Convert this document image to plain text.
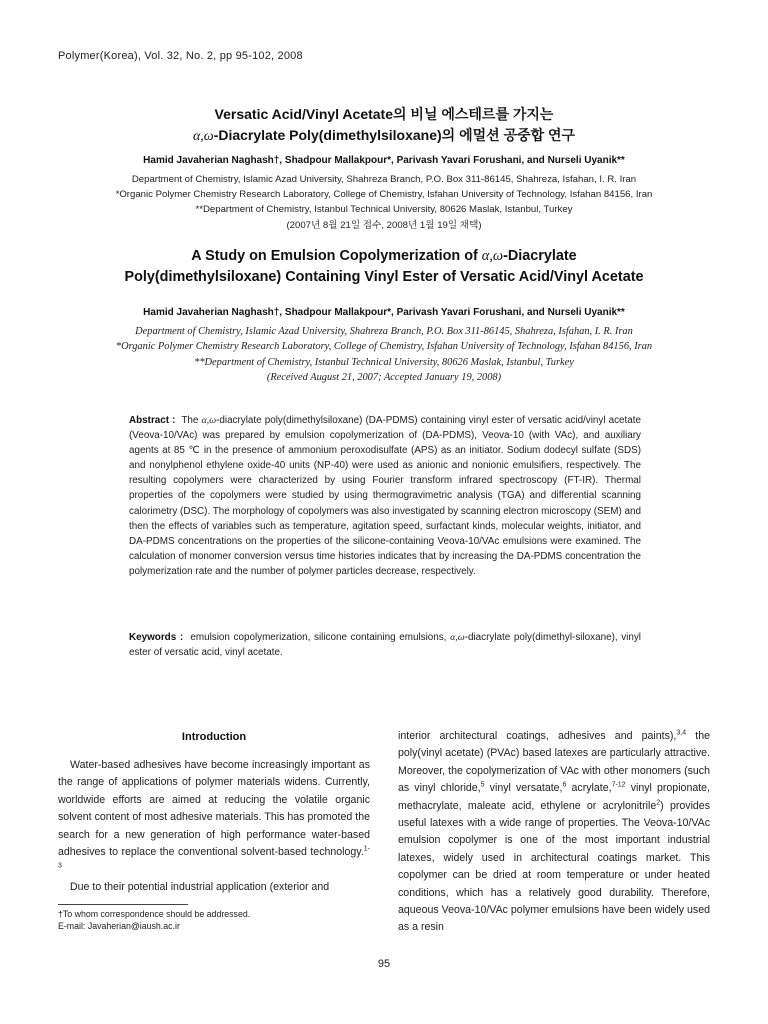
Polymer(Korea), Vol. 32, No. 2, pp 95-102, 2008
Versatic Acid/Vinyl Acetate의 비닐 에스테르를 가지는
α,ω-Diacrylate Poly(dimethylsiloxane)의 에멀션 공중합 연구
Hamid Javaherian Naghash†, Shadpour Mallakpour*, Parivash Yavari Forushani, and Nurseli Uyanik**
Department of Chemistry, Islamic Azad University, Shahreza Branch, P.O. Box 311-86145, Shahreza, Isfahan, I. R. Iran
*Organic Polymer Chemistry Research Laboratory, College of Chemistry, Isfahan University of Technology, Isfahan 84156, Iran
**Department of Chemistry, Istanbul Technical University, 80626 Maslak, Istanbul, Turkey
(2007년 8월 21일 접수, 2008년 1월 19일 채택)
A Study on Emulsion Copolymerization of α,ω-Diacrylate
Poly(dimethylsiloxane) Containing Vinyl Ester of Versatic Acid/Vinyl Acetate
Hamid Javaherian Naghash†, Shadpour Mallakpour*, Parivash Yavari Forushani, and Nurseli Uyanik**
Department of Chemistry, Islamic Azad University, Shahreza Branch, P.O. Box 311-86145, Shahreza, Isfahan, I. R. Iran
*Organic Polymer Chemistry Research Laboratory, College of Chemistry, Isfahan University of Technology, Isfahan 84156, Iran
**Department of Chemistry, Istanbul Technical University, 80626 Maslak, Istanbul, Turkey
(Received August 21, 2007; Accepted January 19, 2008)
Abstract : The α,ω-diacrylate poly(dimethylsiloxane) (DA-PDMS) containing vinyl ester of versatic acid/vinyl acetate (Veova-10/VAc) was prepared by emulsion copolymerization of (DA-PDMS), Veova-10 (with VAc), and auxiliary agents at 85 ℃ in the presence of ammonium peroxodisulfate (APS) as an initiator. Sodium dodecyl sulfate (SDS) and nonylphenol ethylene oxide-40 units (NP-40) were used as anionic and nonionic emulsifiers, respectively. The resulting copolymers were characterized by using Fourier transform infrared spectroscopy (FT-IR). Thermal properties of the copolymers were studied by using thermogravimetric analysis (TGA) and differential scanning calorimetry (DSC). The morphology of copolymers was also investigated by scanning electron microscopy (SEM) and then the effects of variables such as temperature, agitation speed, surfactant kinds, molecular weights, initiator, and DA-PDMS concentrations on the properties of the silicone-containing Veova-10/VAc emulsions were examined. The calculation of monomer conversion versus time histories indicates that by increasing the DA-PDMS concentration the polymerization rate and the number of polymer particles decrease, respectively.
Keywords : emulsion copolymerization, silicone containing emulsions, α,ω-diacrylate poly(dimethyl-siloxane), vinyl ester of versatic acid, vinyl acetate.
Introduction

Water-based adhesives have become increasingly important as the range of applications of polymer materials widens. Currently, worldwide efforts are aimed at reducing the volatile organic solvent content of most adhesive materials. This has promoted the search for a new generation of high performance water-based adhesives to replace the conventional solvent-based technology.$^{1-3}$

Due to their potential industrial application (exterior and

interior architectural coatings, adhesives and paints),$^{3,4}$ the poly(vinyl acetate) (PVAc) based latexes are particularly attractive. Moreover, the copolymerization of VAc with other monomers (such as vinyl chloride,$^5$ vinyl versatate,$^6$ acrylate,$^{7-12}$ vinyl propionate, methacrylate, maleate acid, ethylene or acrylonitrile$^2$) provides useful latexes with a wide range of properties. The Veova-10/VAc emulsion copolymer is one of the most important industrial latexes, widely used in architectural coatings market. This copolymer can be dried at room temperature or under heated conditions, which has a relatively good durability. Therefore, aqueous Veova-10/VAc polymer emulsions have been widely used as a resin

†To whom correspondence should be addressed.
E-mail: Javaherian@iaush.ac.ir
95
